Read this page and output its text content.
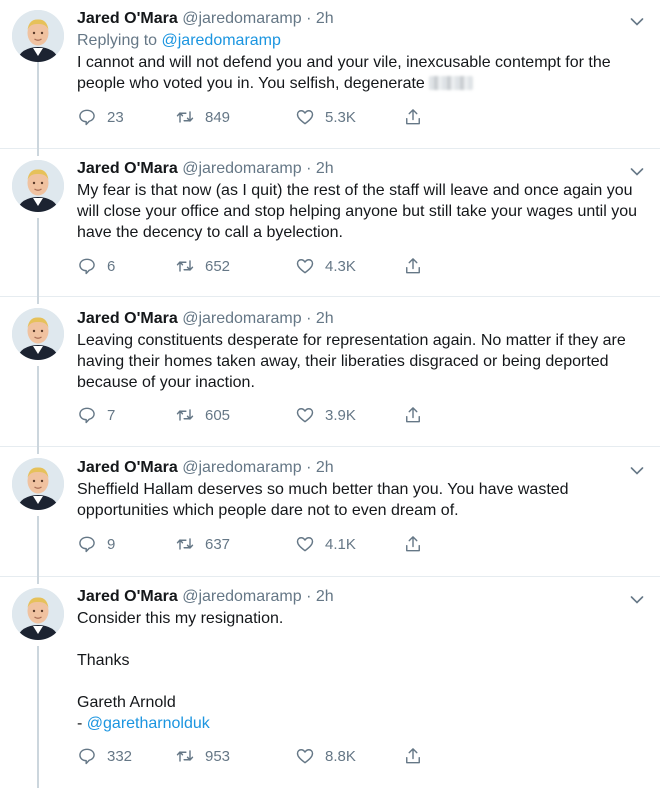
Jared O'Mara @jaredomaramp · 2h
Replying to @jaredomaramp
I cannot and will not defend you and your vile, inexcusable contempt for the people who voted you in. You selfish, degenerate
23	849	5.3K
Jared O'Mara @jaredomaramp · 2h
My fear is that now (as I quit) the rest of the staff will leave and once again you will close your office and stop helping anyone but still take your wages until you have the decency to call a byelection.
6	652	4.3K
Jared O'Mara @jaredomaramp · 2h
Leaving constituents desperate for representation again. No matter if they are having their homes taken away, their liberaties disgraced or being deported because of your inaction.
7	605	3.9K
Jared O'Mara @jaredomaramp · 2h
Sheffield Hallam deserves so much better than you. You have wasted opportunities which people dare not to even dream of.
9	637	4.1K
Jared O'Mara @jaredomaramp · 2h
Consider this my resignation.

Thanks

Gareth Arnold
- @garetharnolduk
332	953	8.8K
